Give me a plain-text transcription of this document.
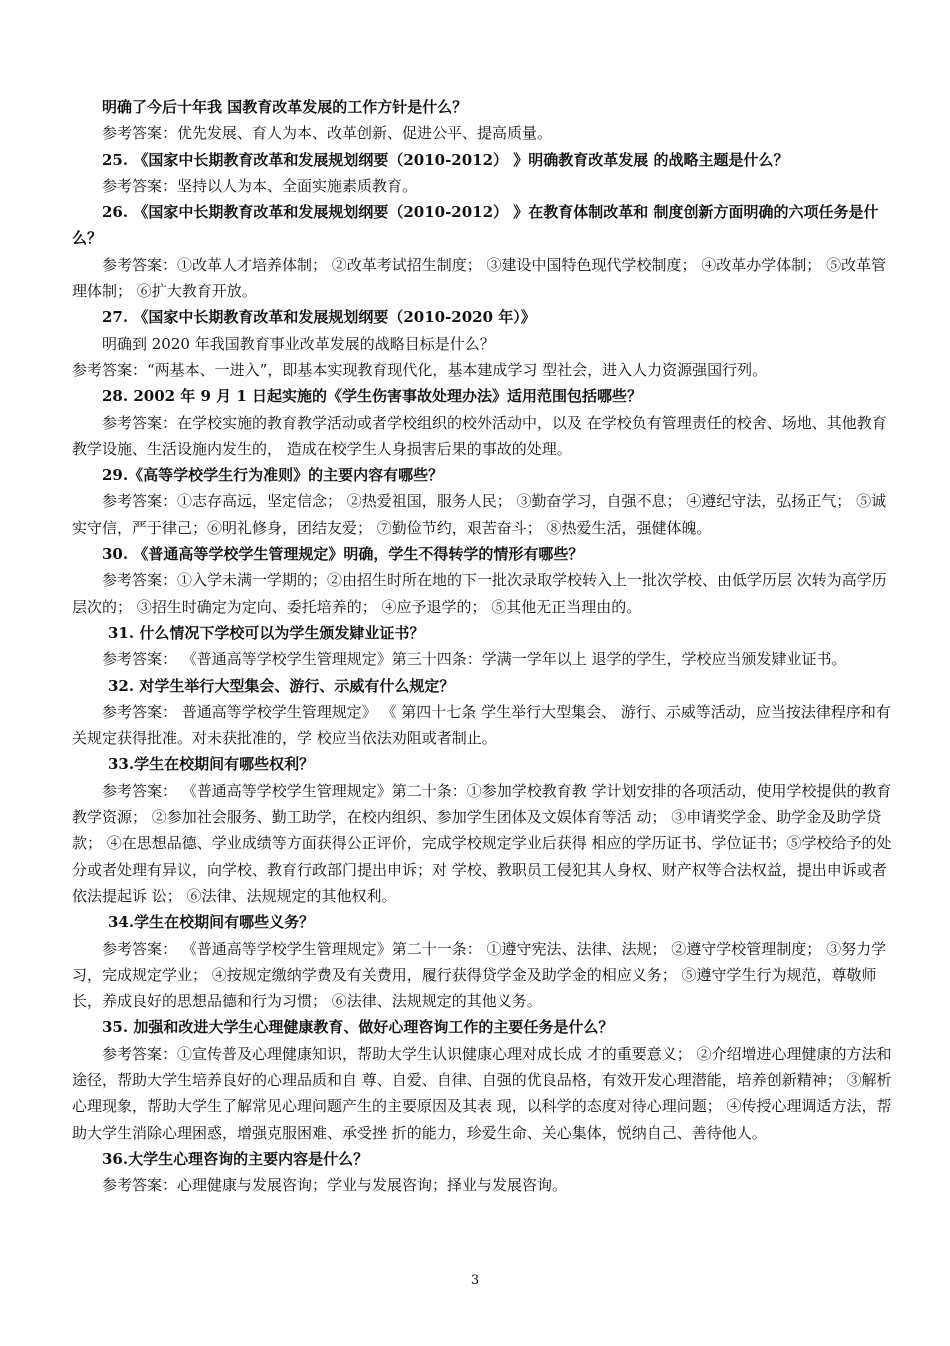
明确了今后十年我 国教育改革发展的工作方针是什么？

参考答案：优先发展、育人为本、改革创新、促进公平、提高质量。

25. 《国家中长期教育改革和发展规划纲要（2010-2012） 》明确教育改革发展 的战略主题是什么？

参考答案：坚持以人为本、全面实施素质教育。

26. 《国家中长期教育改革和发展规划纲要（2010-2012） 》在教育体制改革和 制度创新方面明确的六项任务是什么？

参考答案：①改革人才培养体制； ②改革考试招生制度； ③建设中国特色现代学校制度； ④改革办学体制； ⑤改革管理体制； ⑥扩大教育开放。

27. 《国家中长期教育改革和发展规划纲要（2010-2020 年）》

明确到 2020 年我国教育事业改革发展的战略目标是什么？

参考答案：“两基本、一进入”，即基本实现教育现代化，基本建成学习 型社会，进入人力资源强国行列。

28. 2002 年 9 月 1 日起实施的《学生伤害事故处理办法》适用范围包括哪些？

参考答案：在学校实施的教育教学活动或者学校组织的校外活动中，以及 在学校负有管理责任的校舍、场地、其他教育教学设施、生活设施内发生的， 造成在校学生人身损害后果的事故的处理。

29.《高等学校学生行为准则》的主要内容有哪些？

参考答案：①志存高远，坚定信念； ②热爱祖国，服务人民； ③勤奋学习，自强不息； ④遵纪守法，弘扬正气； ⑤诚实守信，严于律己；⑥明礼修身，团结友爱； ⑦勤俭节约，艰苦奋斗； ⑧热爱生活，强健体魄。

30. 《普通高等学校学生管理规定》明确，学生不得转学的情形有哪些？

参考答案：①入学未满一学期的；②由招生时所在地的下一批次录取学校转入上一批次学校、由低学历层 次转为高学历层次的； ③招生时确定为定向、委托培养的； ④应予退学的； ⑤其他无正当理由的。

31. 什么情况下学校可以为学生颁发肄业证书？

参考答案： 《普通高等学校学生管理规定》第三十四条：学满一学年以上 退学的学生，学校应当颁发肄业证书。

32. 对学生举行大型集会、游行、示威有什么规定？

参考答案： 普通高等学校学生管理规定》 《 第四十七条 学生举行大型集会、 游行、示威等活动，应当按法律程序和有关规定获得批准。对未获批准的，学 校应当依法劝阻或者制止。

33.学生在校期间有哪些权利？

参考答案： 《普通高等学校学生管理规定》第二十条：①参加学校教育教 学计划安排的各项活动，使用学校提供的教育教学资源； ②参加社会服务、勤工助学，在校内组织、参加学生团体及文娱体育等活 动； ③申请奖学金、助学金及助学贷款； ④在思想品德、学业成绩等方面获得公正评价，完成学校规定学业后获得 相应的学历证书、学位证书；⑤学校给予的处分或者处理有异议，向学校、教育行政部门提出申诉；对 学校、教职员工侵犯其人身权、财产权等合法权益，提出申诉或者依法提起诉 讼； ⑥法律、法规规定的其他权利。

34.学生在校期间有哪些义务？

参考答案： 《普通高等学校学生管理规定》第二十一条： ①遵守宪法、法律、法规； ②遵守学校管理制度； ③努力学习，完成规定学业； ④按规定缴纳学费及有关费用，履行获得贷学金及助学金的相应义务； ⑤遵守学生行为规范，尊敬师长，养成良好的思想品德和行为习惯； ⑥法律、法规规定的其他义务。

35. 加强和改进大学生心理健康教育、做好心理咨询工作的主要任务是什么？

参考答案：①宣传普及心理健康知识，帮助大学生认识健康心理对成长成 才的重要意义； ②介绍增进心理健康的方法和途径，帮助大学生培养良好的心理品质和自 尊、自爱、自律、自强的优良品格，有效开发心理潜能，培养创新精神； ③解析心理现象，帮助大学生了解常见心理问题产生的主要原因及其表 现，以科学的态度对待心理问题； ④传授心理调适方法，帮助大学生消除心理困惑，增强克服困难、承受挫 折的能力，珍爱生命、关心集体，悦纳自己、善待他人。

36.大学生心理咨询的主要内容是什么？

参考答案：心理健康与发展咨询；学业与发展咨询；择业与发展咨询。

3
